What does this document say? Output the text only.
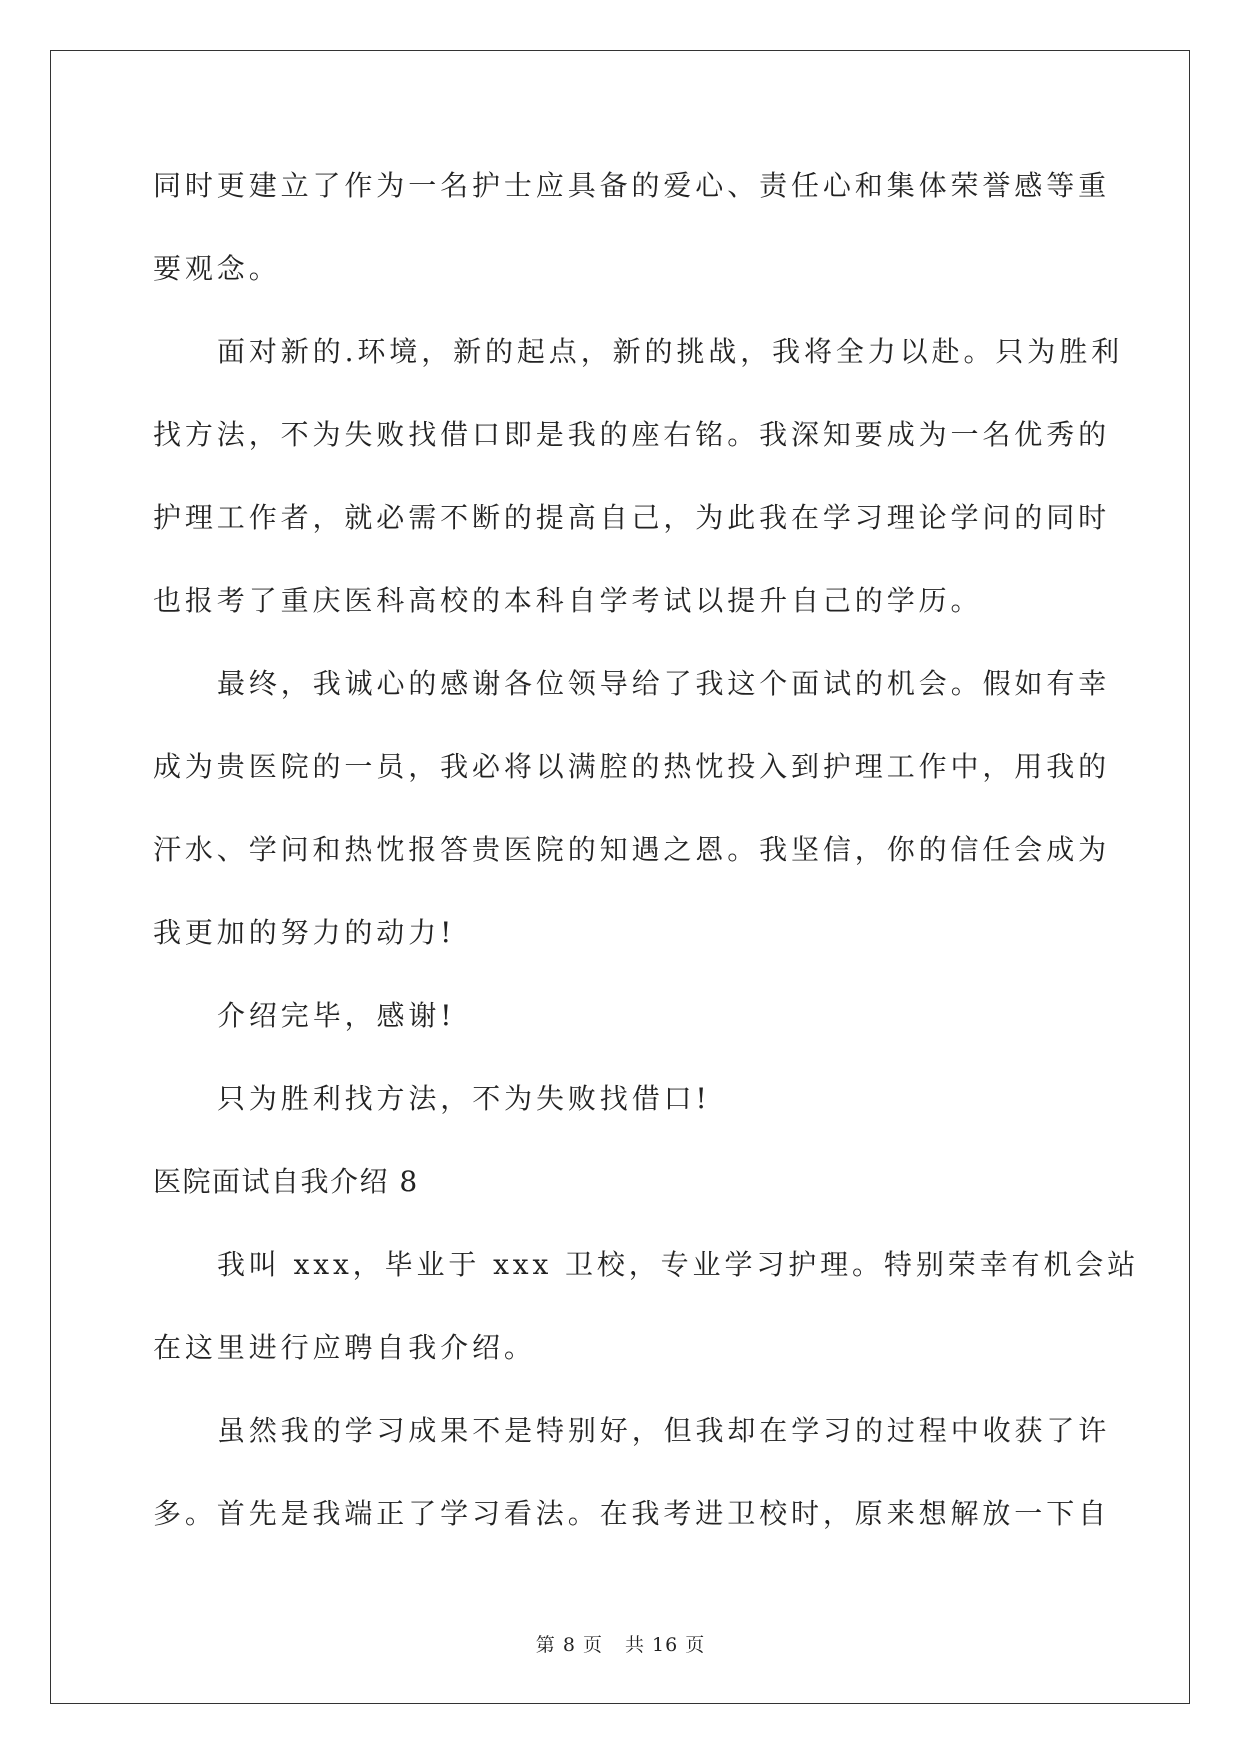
同时更建立了作为一名护士应具备的爱心、责任心和集体荣誉感等重

要观念。

面对新的.环境，新的起点，新的挑战，我将全力以赴。只为胜利

找方法，不为失败找借口即是我的座右铭。我深知要成为一名优秀的

护理工作者，就必需不断的提高自己，为此我在学习理论学问的同时

也报考了重庆医科高校的本科自学考试以提升自己的学历。

最终，我诚心的感谢各位领导给了我这个面试的机会。假如有幸

成为贵医院的一员，我必将以满腔的热忱投入到护理工作中，用我的

汗水、学问和热忱报答贵医院的知遇之恩。我坚信，你的信任会成为

我更加的努力的动力!

介绍完毕，感谢!

只为胜利找方法，不为失败找借口!

医院面试自我介绍 8

我叫 xxx，毕业于 xxx 卫校，专业学习护理。特别荣幸有机会站

在这里进行应聘自我介绍。

虽然我的学习成果不是特别好，但我却在学习的过程中收获了许

多。首先是我端正了学习看法。在我考进卫校时，原来想解放一下自

第 8 页 共 16 页
